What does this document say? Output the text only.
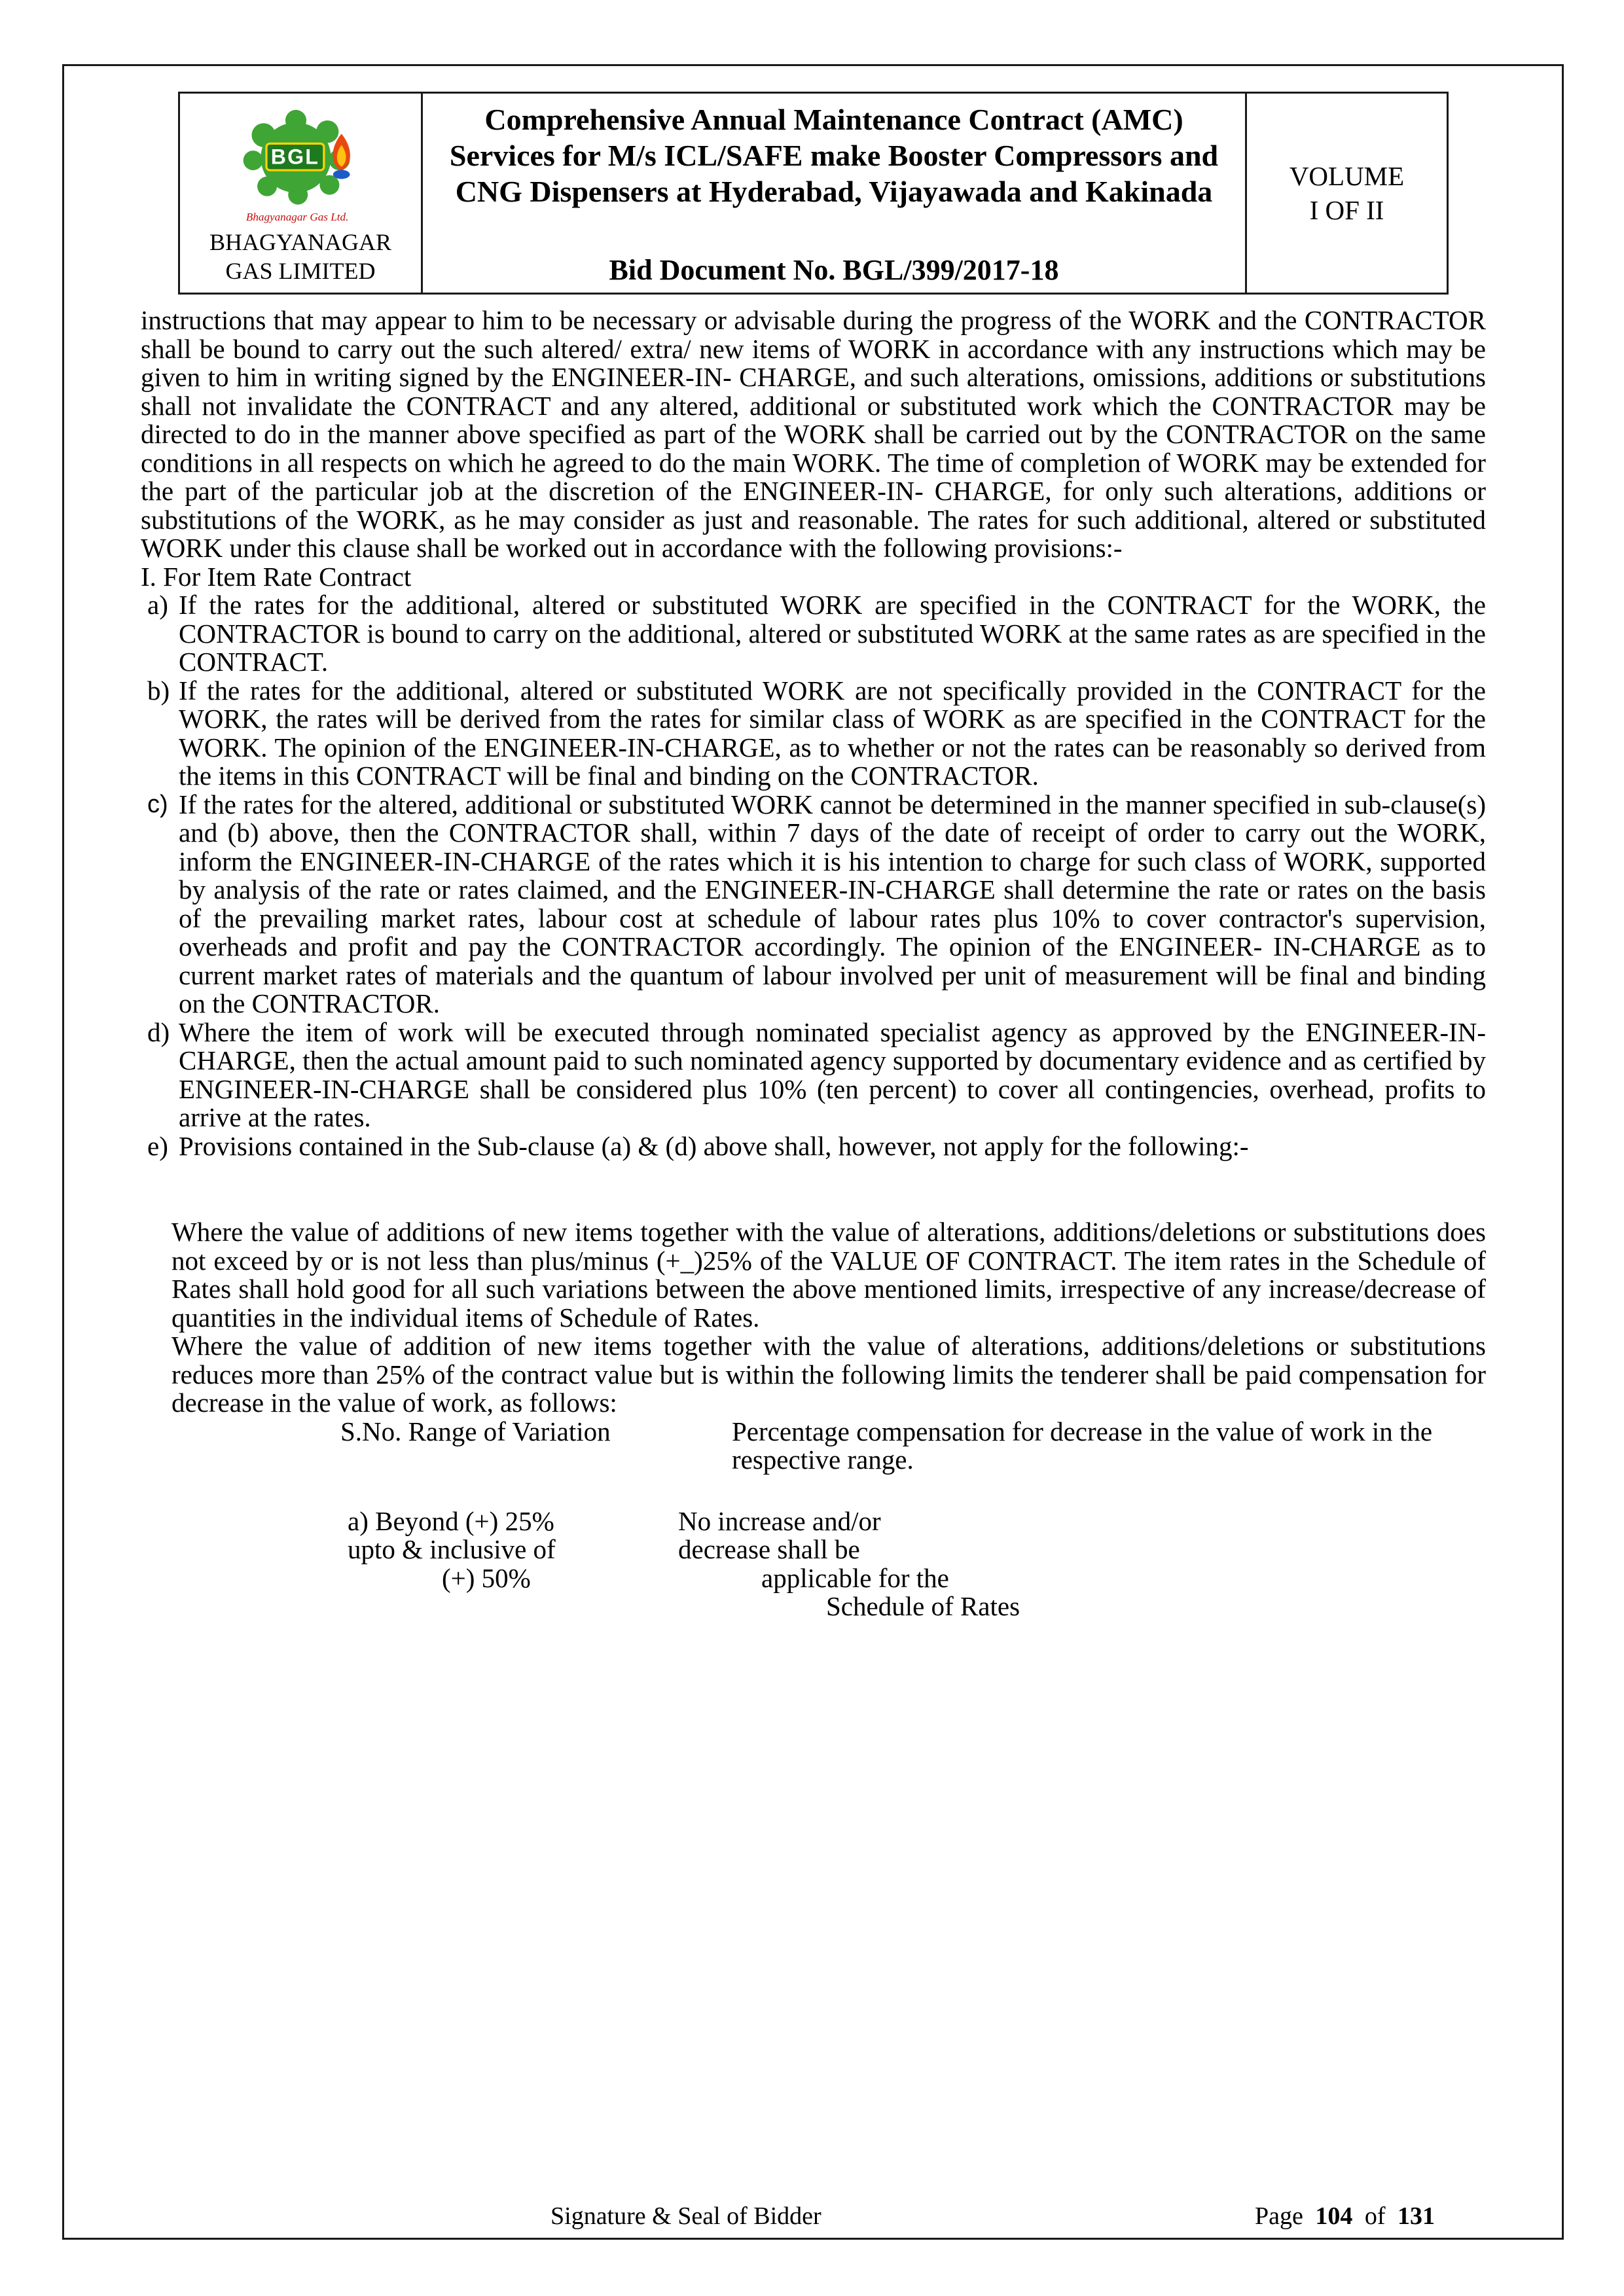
BGL
Bhagyanagar Gas Ltd.
BHAGYANAGAR
GAS LIMITED
Comprehensive Annual Maintenance Contract (AMC) Services for M/s ICL/SAFE make Booster Compressors and CNG Dispensers at Hyderabad, Vijayawada and Kakinada
Bid Document No. BGL/399/2017-18
VOLUME
I OF II

instructions that may appear to him to be necessary or advisable during the progress of the WORK and the CONTRACTOR shall be bound to carry out the such altered/ extra/ new items of WORK in accordance with any instructions which may be given to him in writing signed by the ENGINEER-IN- CHARGE, and such alterations, omissions, additions or substitutions shall not invalidate the CONTRACT and any altered, additional or substituted work which the CONTRACTOR may be directed to do in the manner above specified as part of the WORK shall be carried out by the CONTRACTOR on the same conditions in all respects on which he agreed to do the main WORK. The time of completion of WORK may be extended for the part of the particular job at the discretion of the ENGINEER-IN- CHARGE, for only such alterations, additions or substitutions of the WORK, as he may consider as just and reasonable. The rates for such additional, altered or substituted WORK under this clause shall be worked out in accordance with the following provisions:-

I. For Item Rate Contract
a) If the rates for the additional, altered or substituted WORK are specified in the CONTRACT for the WORK, the CONTRACTOR is bound to carry on the additional, altered or substituted WORK at the same rates as are specified in the CONTRACT.
b) If the rates for the additional, altered or substituted WORK are not specifically provided in the CONTRACT for the WORK, the rates will be derived from the rates for similar class of WORK as are specified in the CONTRACT for the WORK. The opinion of the ENGINEER-IN-CHARGE, as to whether or not the rates can be reasonably so derived from the items in this CONTRACT will be final and binding on the CONTRACTOR.
c) If the rates for the altered, additional or substituted WORK cannot be determined in the manner specified in sub-clause(s) and (b) above, then the CONTRACTOR shall, within 7 days of the date of receipt of order to carry out the WORK, inform the ENGINEER-IN-CHARGE of the rates which it is his intention to charge for such class of WORK, supported by analysis of the rate or rates claimed, and the ENGINEER-IN-CHARGE shall determine the rate or rates on the basis of the prevailing market rates, labour cost at schedule of labour rates plus 10% to cover contractor's supervision, overheads and profit and pay the CONTRACTOR accordingly. The opinion of the ENGINEER- IN-CHARGE as to current market rates of materials and the quantum of labour involved per unit of measurement will be final and binding on the CONTRACTOR.
d) Where the item of work will be executed through nominated specialist agency as approved by the ENGINEER-IN-CHARGE, then the actual amount paid to such nominated agency supported by documentary evidence and as certified by ENGINEER-IN-CHARGE shall be considered plus 10% (ten percent) to cover all contingencies, overhead, profits to arrive at the rates.
e) Provisions contained in the Sub-clause (a) & (d) above shall, however, not apply for the following:-

Where the value of additions of new items together with the value of alterations, additions/deletions or substitutions does not exceed by or is not less than plus/minus (+_)25% of the VALUE OF CONTRACT. The item rates in the Schedule of Rates shall hold good for all such variations between the above mentioned limits, irrespective of any increase/decrease of quantities in the individual items of Schedule of Rates.

Where the value of addition of new items together with the value of alterations, additions/deletions or substitutions reduces more than 25% of the contract value but is within the following limits the tenderer shall be paid compensation for decrease in the value of work, as follows:

S.No. Range of Variation	Percentage compensation for decrease in the value of work in the respective range.
a) Beyond (+) 25%
upto & inclusive of
(+) 50%
No increase and/or
decrease shall be
applicable for the
Schedule of Rates
Signature & Seal of Bidder	Page 104 of 131
